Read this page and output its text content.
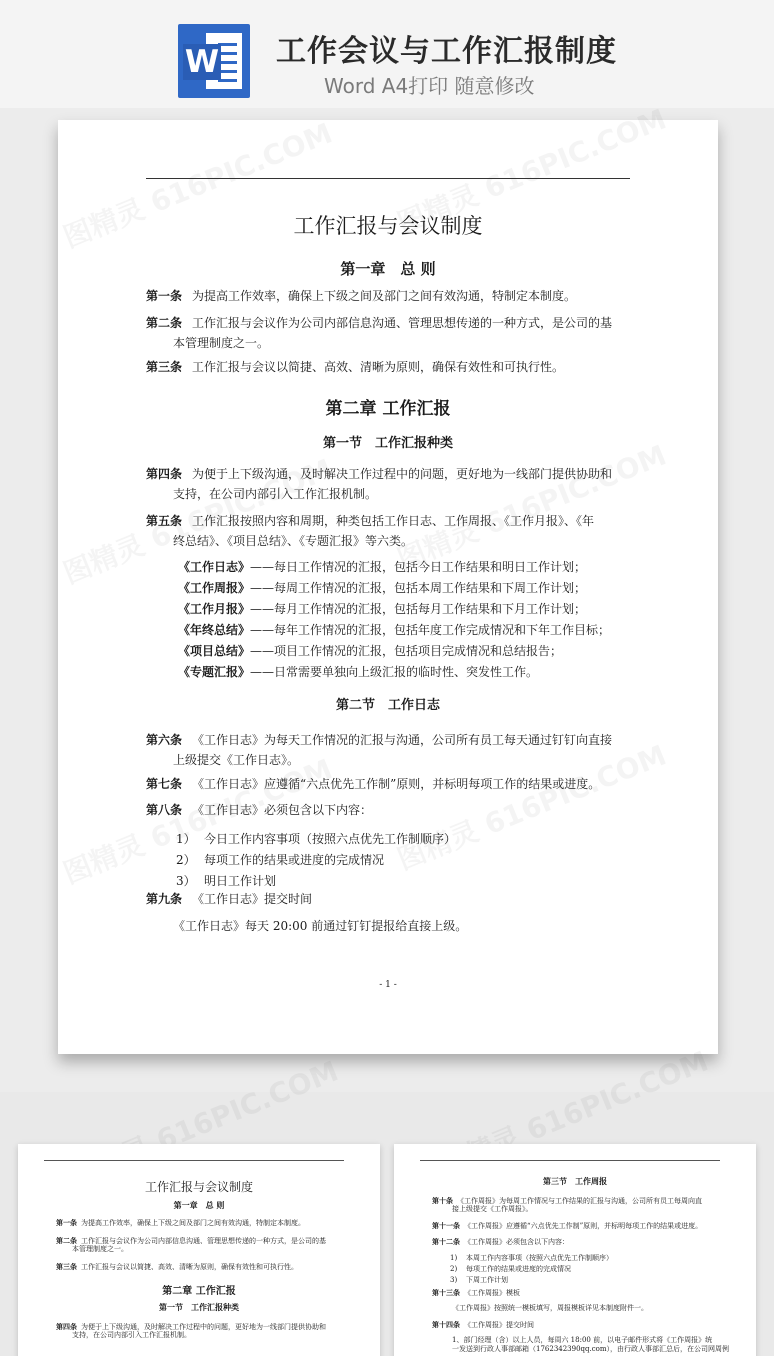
W 工作会议与工作汇报制度
Word A4打印 随意修改
工作汇报与会议制度
第一章　总 则
第一条 为提高工作效率，确保上下级之间及部门之间有效沟通，特制定本制度。
第二条 工作汇报与会议作为公司内部信息沟通、管理思想传递的一种方式，是公司的基
本管理制度之一。
第三条 工作汇报与会议以简捷、高效、清晰为原则，确保有效性和可执行性。
第二章 工作汇报
第一节　工作汇报种类
第四条 为便于上下级沟通，及时解决工作过程中的问题，更好地为一线部门提供协助和
支持，在公司内部引入工作汇报机制。
第五条 工作汇报按照内容和周期，种类包括工作日志、工作周报、《工作月报》、《年
终总结》、《项目总结》、《专题汇报》等六类。
《工作日志》——每日工作情况的汇报，包括今日工作结果和明日工作计划；
《工作周报》——每周工作情况的汇报，包括本周工作结果和下周工作计划；
《工作月报》——每月工作情况的汇报，包括每月工作结果和下月工作计划；
《年终总结》——每年工作情况的汇报，包括年度工作完成情况和下年工作目标；
《项目总结》——项目工作情况的汇报，包括项目完成情况和总结报告；
《专题汇报》——日常需要单独向上级汇报的临时性、突发性工作。
第二节　工作日志
第六条 《工作日志》为每天工作情况的汇报与沟通，公司所有员工每天通过钉钉向直接
上级提交《工作日志》。
第七条 《工作日志》应遵循“六点优先工作制”原则，并标明每项工作的结果或进度。
第八条 《工作日志》必须包含以下内容：
1） 今日工作内容事项（按照六点优先工作制顺序）
2） 每项工作的结果或进度的完成情况
3） 明日工作计划
第九条 《工作日志》提交时间
《工作日志》每天 20:00 前通过钉钉提报给直接上级。
- 1 -
工作汇报与会议制度
第一章　总 则
第一条 为提高工作效率，确保上下级之间及部门之间有效沟通，特制定本制度。
第二条 工作汇报与会议作为公司内部信息沟通、管理思想传递的一种方式，是公司的基
本管理制度之一。
第三条 工作汇报与会议以简捷、高效、清晰为原则，确保有效性和可执行性。
第二章 工作汇报
第一节　工作汇报种类
第四条 为便于上下级沟通，及时解决工作过程中的问题，更好地为一线部门提供协助和
支持，在公司内部引入工作汇报机制。
第三节　工作周报
第十条 《工作周报》为每周工作情况与工作结果的汇报与沟通，公司所有员工每周向直
接上级提交《工作周报》。
第十一条 《工作周报》应遵循“六点优先工作制”原则，并标明每项工作的结果或进度。
第十二条 《工作周报》必须包含以下内容：
1) 本周工作内容事项（按照六点优先工作制顺序）
2) 每项工作的结果或进度的完成情况
3) 下周工作计划
第十三条 《工作周报》模板
《工作周报》按照统一模板填写，周报模板详见本制度附件一。
第十四条 《工作周报》提交时间
1、部门经理（含）以上人员，每周六 18:00 前，以电子邮件形式将《工作周报》统
一发送到行政人事部邮箱（1762342390qq.com），由行政人事部汇总后，在公司网周例
